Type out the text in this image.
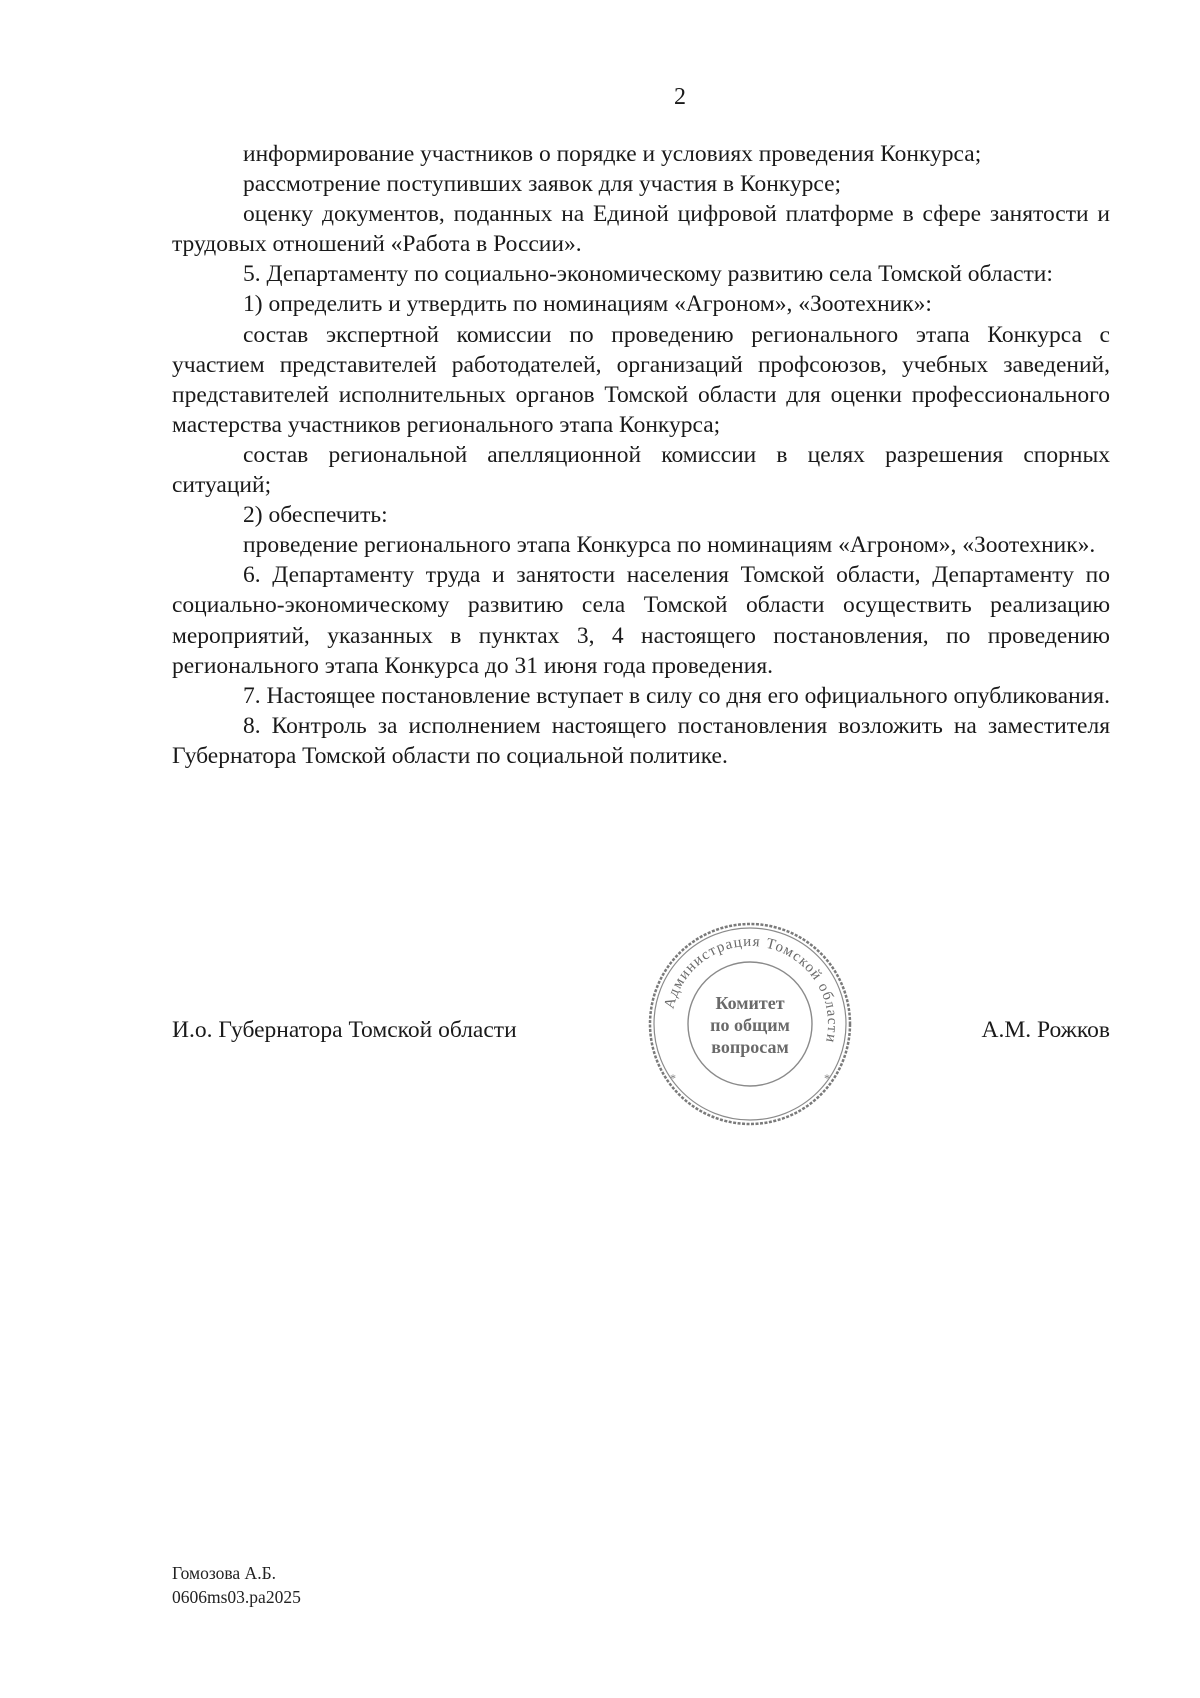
2

информирование участников о порядке и условиях проведения Конкурса;

рассмотрение поступивших заявок для участия в Конкурсе;

оценку документов, поданных на Единой цифровой платформе в сфере занятости и трудовых отношений «Работа в России».

5. Департаменту по социально-экономическому развитию села Томской области:

1) определить и утвердить по номинациям «Агроном», «Зоотехник»:

состав экспертной комиссии по проведению регионального этапа Конкурса с участием представителей работодателей, организаций профсоюзов, учебных заведений, представителей исполнительных органов Томской области для оценки профессионального мастерства участников регионального этапа Конкурса;

состав региональной апелляционной комиссии в целях разрешения спорных ситуаций;

2) обеспечить:

проведение регионального этапа Конкурса по номинациям «Агроном», «Зоотехник».

6. Департаменту труда и занятости населения Томской области, Департаменту по социально-экономическому развитию села Томской области осуществить реализацию мероприятий, указанных в пунктах 3, 4 настоящего постановления, по проведению регионального этапа Конкурса до 31 июня года проведения.

7. Настоящее постановление вступает в силу со дня его официального опубликования.

8. Контроль за исполнением настоящего постановления возложить на заместителя Губернатора Томской области по социальной политике.

И.о. Губернатора Томской области	А.М. Рожков
Администрация Томской области
Комитет
по общим
вопросам
*	*
Гомозова А.Б.
0606ms03.pa2025
